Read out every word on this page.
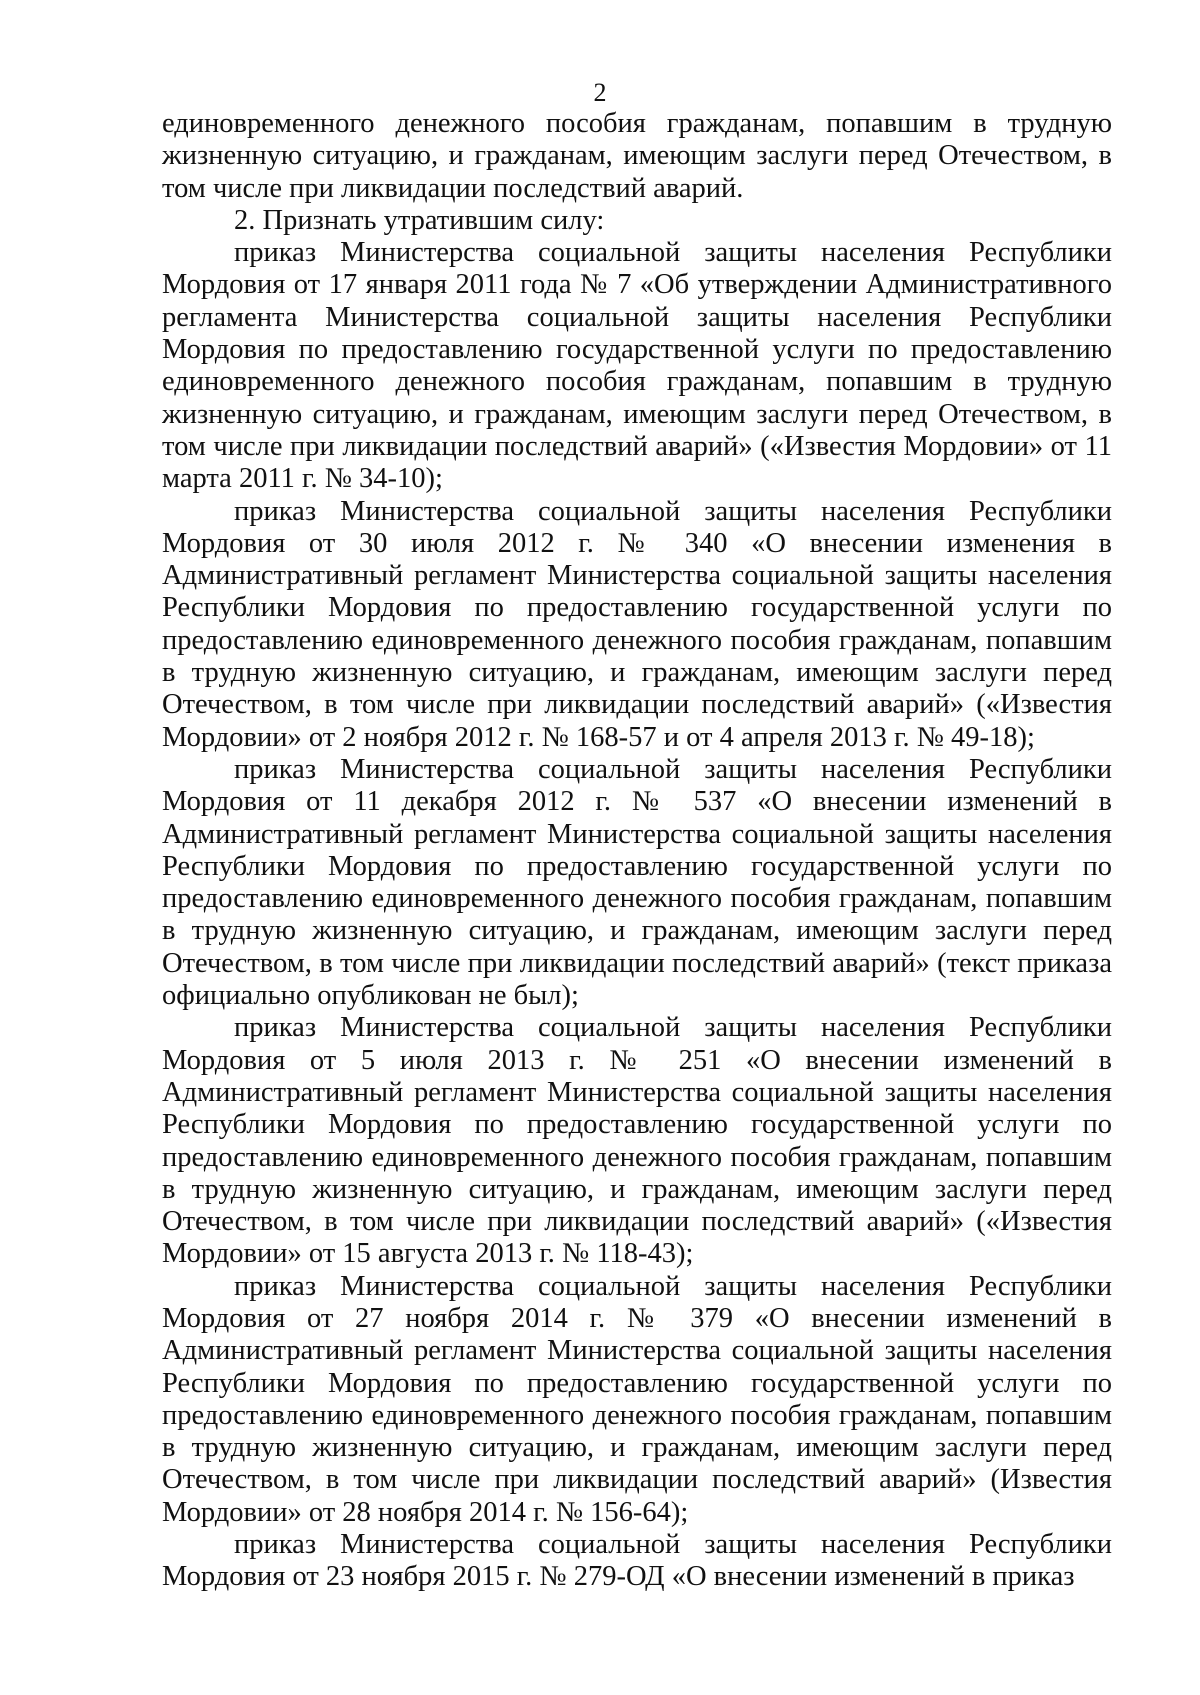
2

единовременного денежного пособия гражданам, попавшим в трудную жизненную ситуацию, и гражданам, имеющим заслуги перед Отечеством, в том числе при ликвидации последствий аварий.

2. Признать утратившим силу:

приказ Министерства социальной защиты населения Республики Мордовия от 17 января 2011 года № 7 «Об утверждении Административного регламента Министерства социальной защиты населения Республики Мордовия по предоставлению государственной услуги по предоставлению единовременного денежного пособия гражданам, попавшим в трудную жизненную ситуацию, и гражданам, имеющим заслуги перед Отечеством, в том числе при ликвидации последствий аварий» («Известия Мордовии» от 11 марта 2011 г. № 34-10);

приказ Министерства социальной защиты населения Республики Мордовия от 30 июля 2012 г. № 340 «О внесении изменения в Административный регламент Министерства социальной защиты населения Республики Мордовия по предоставлению государственной услуги по предоставлению единовременного денежного пособия гражданам, попавшим в трудную жизненную ситуацию, и гражданам, имеющим заслуги перед Отечеством, в том числе при ликвидации последствий аварий» («Известия Мордовии» от 2 ноября 2012 г. № 168-57 и от 4 апреля 2013 г. № 49-18);

приказ Министерства социальной защиты населения Республики Мордовия от 11 декабря 2012 г. № 537 «О внесении изменений в Административный регламент Министерства социальной защиты населения Республики Мордовия по предоставлению государственной услуги по предоставлению единовременного денежного пособия гражданам, попавшим в трудную жизненную ситуацию, и гражданам, имеющим заслуги перед Отечеством, в том числе при ликвидации последствий аварий» (текст приказа официально опубликован не был);

приказ Министерства социальной защиты населения Республики Мордовия от 5 июля 2013 г. № 251 «О внесении изменений в Административный регламент Министерства социальной защиты населения Республики Мордовия по предоставлению государственной услуги по предоставлению единовременного денежного пособия гражданам, попавшим в трудную жизненную ситуацию, и гражданам, имеющим заслуги перед Отечеством, в том числе при ликвидации последствий аварий» («Известия Мордовии» от 15 августа 2013 г. № 118-43);

приказ Министерства социальной защиты населения Республики Мордовия от 27 ноября 2014 г. № 379 «О внесении изменений в Административный регламент Министерства социальной защиты населения Республики Мордовия по предоставлению государственной услуги по предоставлению единовременного денежного пособия гражданам, попавшим в трудную жизненную ситуацию, и гражданам, имеющим заслуги перед Отечеством, в том числе при ликвидации последствий аварий» (Известия Мордовии» от 28 ноября 2014 г. № 156-64);

приказ Министерства социальной защиты населения Республики Мордовия от 23 ноября 2015 г. № 279-ОД «О внесении изменений в приказ
